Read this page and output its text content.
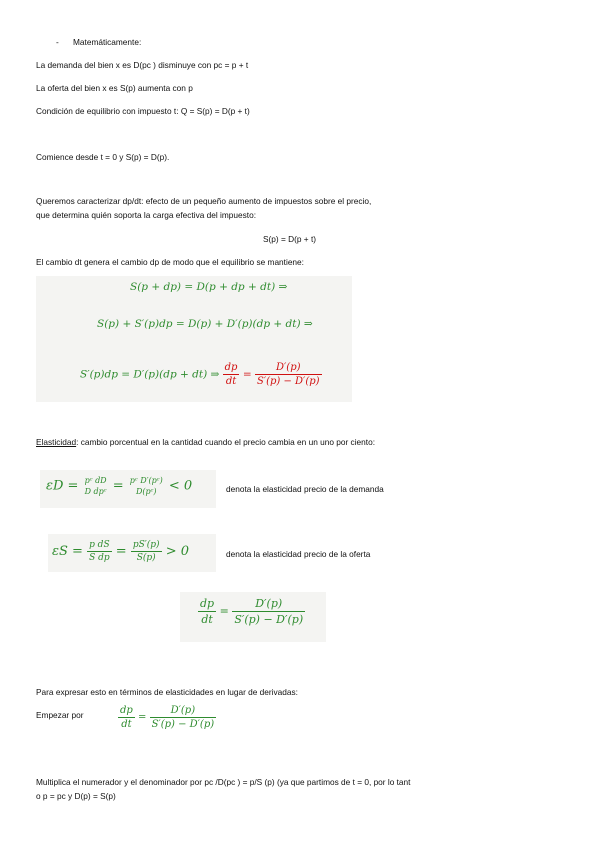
- Matemáticamente:
La demanda del bien x es D(pc ) disminuye con pc = p + t
La oferta del bien x es S(p) aumenta con p
Condición de equilibrio con impuesto t: Q = S(p) = D(p + t)
Comience desde t = 0 y S(p) = D(p).
Queremos caracterizar dp/dt: efecto de un pequeño aumento de impuestos sobre el precio,
que determina quién soporta la carga efectiva del impuesto:
S(p) = D(p + t)
El cambio dt genera el cambio dp de modo que el equilibrio se mantiene:
S(p + dp) = D(p + dp + dt) ⇒
S(p) + S′(p)dp = D(p) + D′(p)(dp + dt) ⇒
S′(p)dp = D′(p)(dp + dt) ⇒ $\frac{dp}{dt} = \frac{D'(p)}{S'(p) - D'(p)}$
Elasticidad: cambio porcentual en la cantidad cuando el precio cambia en un uno por ciento:
εD = pᶜ dD
D dpᶜ = pᶜ D′(pᶜ)
D(pᶜ) < 0	denota la elasticidad precio de la demanda
$\varepsilon S = \frac{\text{p dS}}{\text{S dp}} = \frac{pS'(p)}{S(p)} > 0$	denota la elasticidad precio de la oferta
$\frac{dp}{dt} = \frac{D'(p)}{S'(p) - D'(p)}$
Para expresar esto en términos de elasticidades en lugar de derivadas:
Empezar por	$\frac{dp}{dt} = \frac{D'(p)}{S'(p) - D'(p)}$
Multiplica el numerador y el denominador por pc /D(pc ) = p/S (p) (ya que partimos de t = 0, por lo tant
o p = pc y D(p) = S(p)
